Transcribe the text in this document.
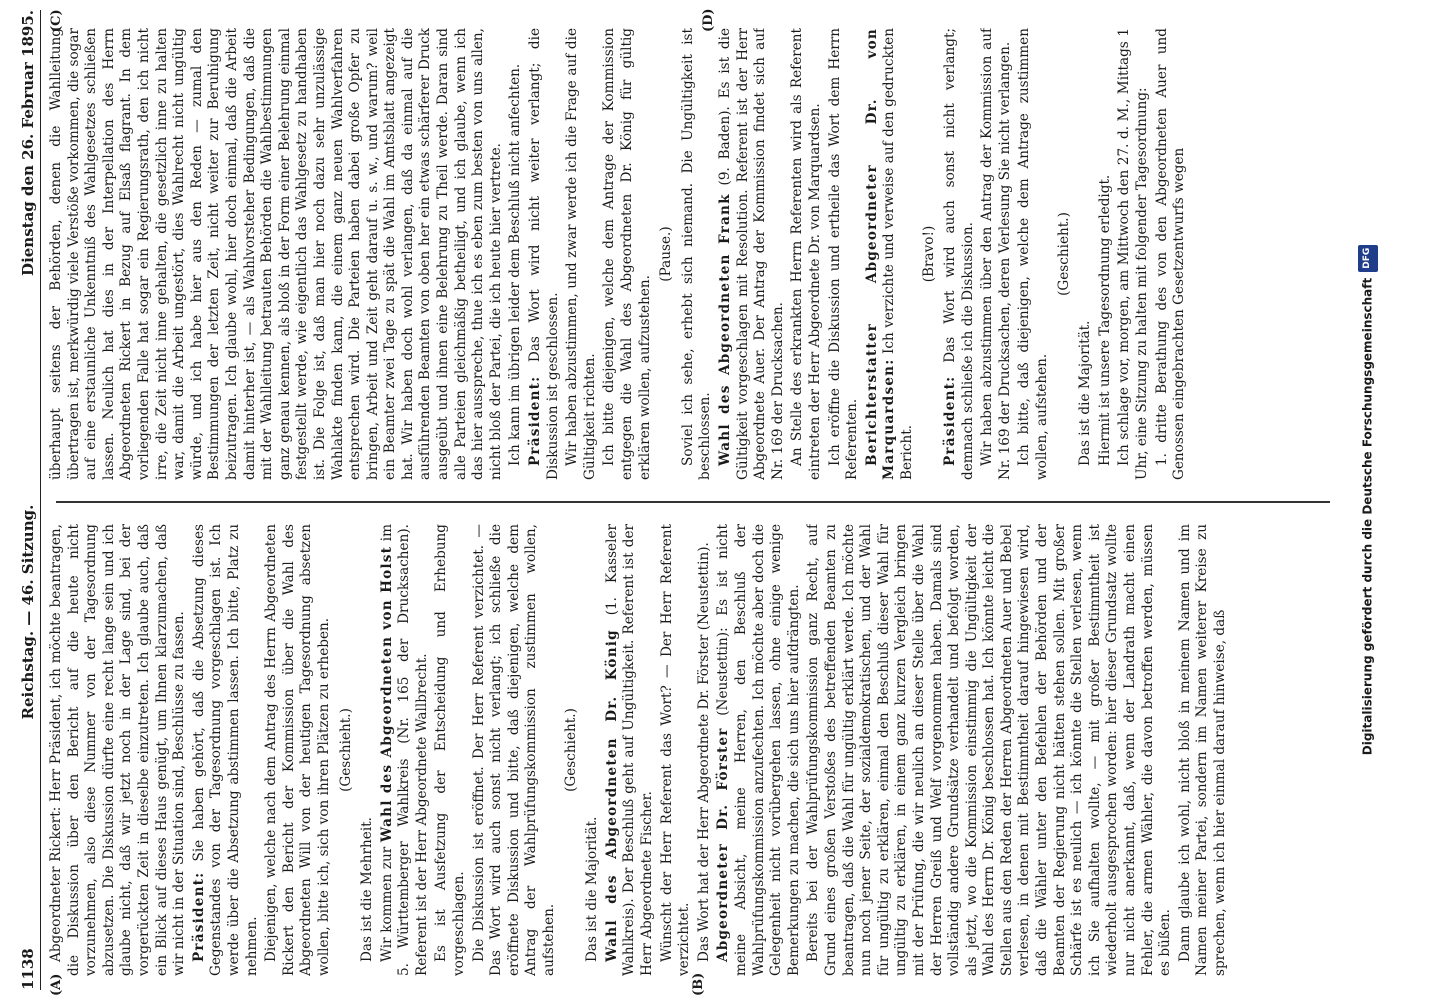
1138
Reichstag. — 46. Sitzung.
Dienstag den 26. Februar 1895.
(A)	(B)
(C)	(D)

Abgeordneter Rickert: Herr Präsident, ich möchte beantragen, die Diskussion über den Bericht auf die heute nicht vorzunehmen, also diese Nummer von der Tagesordnung abzusetzen. Die Diskussion dürfte eine recht lange sein und ich glaube nicht, daß wir jetzt noch in der Lage sind, bei der vorgerückten Zeit in dieselbe einzutreten. Ich glaube auch, daß ein Blick auf dieses Haus genügt, um Ihnen klarzumachen, daß wir nicht in der Situation sind, Beschlüsse zu fassen. Präsident: Sie haben gehört, daß die Absetzung dieses Gegenstandes von der Tagesordnung vorgeschlagen ist. Ich werde über die Absetzung abstimmen lassen. Ich bitte, Platz zu nehmen. Diejenigen, welche nach dem Antrag des Herrn Abgeordneten Rickert den Bericht der Kommission über die Wahl des Abgeordneten Will von der heutigen Tagesordnung absetzen wollen, bitte ich, sich von ihren Plätzen zu erheben. (Geschieht.)

Das ist die Mehrheit. Wir kommen zur Wahl des Abgeordneten von Holst im 5. Württemberger Wahlkreis (Nr. 165 der Drucksachen). Referent ist der Herr Abgeordnete Wallbrecht. Es ist Ausfetzung der Entscheidung und Erhebung vorgeschlagen. Die Diskussion ist eröffnet. Der Herr Referent verzichtet. — Das Wort wird auch sonst nicht verlangt; ich schließe die eröffnete Diskussion und bitte, daß diejenigen, welche dem Antrag der Wahlprüfungskommission zustimmen wollen, aufstehen.

(Geschieht.)

Das ist die Majorität. Wahl des Abgeordneten Dr. König (1. Kasseler Wahlkreis). Der Beschluß geht auf Ungültigkeit. Referent ist der Herr Abgeordnete Fischer. Wünscht der Herr Referent das Wort? — Der Herr Referent verzichtet. Das Wort hat der Herr Abgeordnete Dr. Förster (Neustettin). Abgeordneter Dr. Förster (Neustettin): Es ist nicht meine Absicht, meine Herren, den Beschluß der Wahlprüfungskommission anzufechten. Ich möchte aber doch die Gelegenheit nicht vorübergehen lassen, ohne einige wenige Bemerkungen zu machen, die sich uns hier aufdrängten. Bereits bei der Wahlprüfungskommission ganz Recht, auf Grund eines großen Verstoßes des betreffenden Beamten zu beantragen, daß die Wahl für ungültig erklärt werde. Ich möchte nun noch jener Seite, der sozialdemokratischen, und der Wahl für ungültig zu erklären, einmal den Beschluß dieser Wahl für ungültig zu erklären, in einem ganz kurzen Vergleich bringen mit der Prüfung, die wir neulich an dieser Stelle über die Wahl der Herren Greiß und Welf vorgenommen haben. Damals sind vollständig andere Grundsätze verhandelt und befolgt worden, als jetzt, wo die Kommission einstimmig die Ungültigkeit der Wahl des Herrn Dr. König beschlossen hat. Ich könnte leicht die Stellen aus den Reden der Herren Abgeordneten Auer und Bebel verlesen, in denen mit Bestimmtheit darauf hingewiesen wird, daß die Wähler unter den Befehlen der Behörden und der Beamten der Regierung nicht hätten stehen sollen. Mit großer Schärfe ist es neulich — ich könnte die Stellen verlesen, wenn ich Sie aufhalten wollte, — mit großer Bestimmtheit ist wiederholt ausgesprochen worden: hier dieser Grundsatz wollte nur nicht anerkannt, daß, wenn der Landrath macht einen Fehler, die armen Wähler, die davon betroffen werden, müssen es büßen. Dann glaube ich wohl, nicht bloß in meinem Namen und im Namen meiner Partei, sondern im Namen weiterer Kreise zu sprechen, wenn ich hier einmal darauf hinweise, daß

überhaupt seitens der Behörden, denen die Wahlleitung übertragen ist, merkwürdig viele Verstöße vorkommen, die sogar auf eine erstaunliche Unkenntniß des Wahlgesetzes schließen lassen. Neulich hat dies in der Interpellation des Herrn Abgeordneten Rickert in Bezug auf Elsaß flagrant. In dem vorliegenden Falle hat sogar ein Regierungsrath, den ich nicht irre, die Zeit nicht inne gehalten, die gesetzlich inne zu halten war, damit die Arbeit ungestört, dies Wahlrecht nicht ungültig würde, und ich habe hier aus den Reden — zumal den Bestimmungen der letzten Zeit, nicht weiter zur Beruhigung beizutragen. Ich glaube wohl, hier doch einmal, daß die Arbeit damit hinterher ist, — als Wahlvorsteher Bedingungen, daß die mit der Wahlleitung betrauten Behörden die Wahlbestimmungen ganz genau kennen, als bloß in der Form einer Belehrung einmal festgestellt werde, wie eigentlich das Wahlgesetz zu handhaben ist. Die Folge ist, daß man hier noch dazu sehr unzulässige Wahlakte finden kann, die einem ganz neuen Wahlverfahren entsprechen wird. Die Parteien haben dabei große Opfer zu bringen, Arbeit und Zeit geht darauf u. s. w., und warum? weil ein Beamter zwei Tage zu spät die Wahl im Amtsblatt angezeigt hat. Wir haben doch wohl verlangen, daß da einmal auf die ausführenden Beamten von oben her ein etwas schärferer Druck ausgeübt und ihnen eine Belehrung zu Theil werde. Daran sind alle Parteien gleichmäßig betheiligt, und ich glaube, wenn ich das hier ausspreche, thue ich es eben zum besten von uns allen, nicht bloß der Partei, die ich heute hier vertrete. Ich kann im übrigen leider dem Beschluß nicht anfechten. Präsident: Das Wort wird nicht weiter verlangt; die Diskussion ist geschlossen. Wir haben abzustimmen, und zwar werde ich die Frage auf die Gültigkeit richten. Ich bitte diejenigen, welche dem Antrage der Kommission entgegen die Wahl des Abgeordneten Dr. König für gültig erklären wollen, aufzustehen.

(Pause.) Soviel ich sehe, erhebt sich niemand. Die Ungültigkeit ist beschlossen. Wahl des Abgeordneten Frank (9. Baden). Es ist die Gültigkeit vorgeschlagen mit Resolution. Referent ist der Herr Abgeordnete Auer. Der Antrag der Kommission findet sich auf Nr. 169 der Drucksachen. An Stelle des erkrankten Herrn Referenten wird als Referent eintreten der Herr Abgeordnete Dr. von Marquardsen. Ich eröffne die Diskussion und ertheile das Wort dem Herrn Referenten. Berichterstatter Abgeordneter Dr. von Marquardsen: Ich verzichte und verweise auf den gedruckten Bericht.

(Bravo!)

Präsident: Das Wort wird auch sonst nicht verlangt; demnach schließe ich die Diskussion. Wir haben abzustimmen über den Antrag der Kommission auf Nr. 169 der Drucksachen, deren Verlesung Sie nicht verlangen. Ich bitte, daß diejenigen, welche dem Antrage zustimmen wollen, aufstehen.

(Geschieht.)

Das ist die Majorität. Hiermit ist unsere Tagesordnung erledigt. Ich schlage vor, morgen, am Mittwoch den 27. d. M., Mittags 1 Uhr, eine Sitzung zu halten mit folgender Tagesordnung: 1. dritte Berathung des von den Abgeordneten Auer und Genossen eingebrachten Gesetzentwurfs wegen	Digitalisierung gefördert durch die Deutsche ForschungsgemeinschaftDFG
